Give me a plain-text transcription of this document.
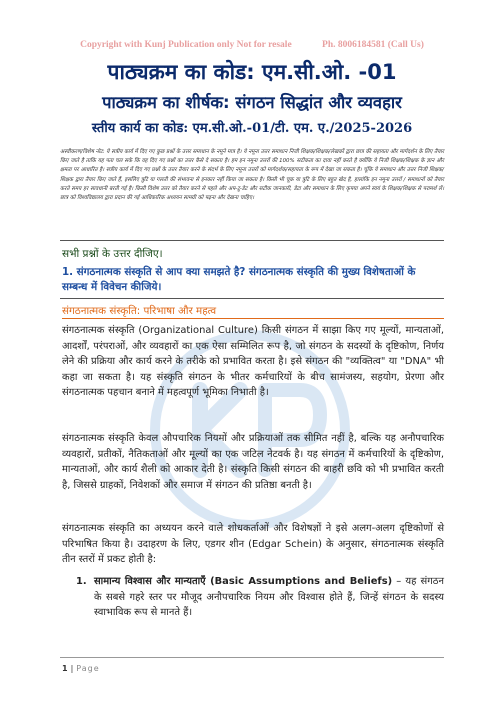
Copyright with Kunj Publication only Not for resale	Ph. 8006184581 (Call Us)
पाठ्यक्रम का कोड: एम.सी.ओ. -01
पाठ्यक्रम का शीर्षक: संगठन सिद्धांत और व्यवहार
स्तीय कार्य का कोड: एम.सी.ओ.-01/टी. एम. ए./2025-2026
अस्वीकरण/विशेष नोट: ये सत्रीय कार्य में दिए गए कुछ प्रश्नों के उत्तर समाधान के नमूने मात्र है। ये नमूना उत्तर समाधान निजी शिक्षक/शिक्षक/लेखकों द्वारा छात्र की सहायता और मार्गदर्शन के लिए तैयार किए जाते है ताकि यह पता चल सके कि वह दिए गए प्रश्नों का उत्तर कैसे दे सकता है। हम इन नमूना उत्तरों की 100% सटीकता का दावा नहीं करते है क्योंकि ये निजी शिक्षक/शिक्षक के ज्ञान और क्षमता पर आधारित है। सत्रीय कार्य में दिए गए प्रश्नों के उत्तर तैयार करने के संदर्भ के लिए नमूना उत्तरों को मार्गदर्शक/सहायता के रूप में देखा जा सकता है। चूंकि ये समाधान और उत्तर निजी शिक्षक/शिक्षक द्वारा तैयार किए जाते हैं, इसलिए त्रुटि या गलती की संभावना से इनकार नहीं किया जा सकता है। किसी भी चूक या त्रुटि के लिए बहुत खेद है, हालांकि इन नमूना उत्तरों / समाधानों को तैयार करते समय हर सावधानी बरती गई है। किसी विशेष उत्तर को तैयार करने से पहले और अप-टू-डेट और सटीक जानकारी, डेटा और समाधान के लिए कृपया अपने स्वयं के शिक्षक/शिक्षक से परामर्श लें। छात्र को विश्वविद्यालय द्वारा प्रदान की गई आधिकारिक अध्ययन सामग्री को पढ़ना और देखना चाहिए।
सभी प्रश्नों के उत्तर दीजिए।
1. संगठनात्मक संस्कृति से आप क्या समझते है? संगठनात्मक संस्कृति की मुख्य विशेषताओं के सम्बन्ध में विवेचन कीजिये।
संगठनात्मक संस्कृति: परिभाषा और महत्व
संगठनात्मक संस्कृति (Organizational Culture) किसी संगठन में साझा किए गए मूल्यों, मान्यताओं, आदर्शों, परंपराओं, और व्यवहारों का एक ऐसा सम्मिलित रूप है, जो संगठन के सदस्यों के दृष्टिकोण, निर्णय लेने की प्रक्रिया और कार्य करने के तरीके को प्रभावित करता है। इसे संगठन की "व्यक्तित्व" या "DNA" भी कहा जा सकता है। यह संस्कृति संगठन के भीतर कर्मचारियों के बीच सामंजस्य, सहयोग, प्रेरणा और संगठनात्मक पहचान बनाने में महत्वपूर्ण भूमिका निभाती है।
संगठनात्मक संस्कृति केवल औपचारिक नियमों और प्रक्रियाओं तक सीमित नहीं है, बल्कि यह अनौपचारिक व्यवहारों, प्रतीकों, नैतिकताओं और मूल्यों का एक जटिल नेटवर्क है। यह संगठन में कर्मचारियों के दृष्टिकोण, मान्यताओं, और कार्य शैली को आकार देती है। संस्कृति किसी संगठन की बाहरी छवि को भी प्रभावित करती है, जिससे ग्राहकों, निवेशकों और समाज में संगठन की प्रतिष्ठा बनती है।
संगठनात्मक संस्कृति का अध्ययन करने वाले शोधकर्ताओं और विशेषज्ञों ने इसे अलग-अलग दृष्टिकोणों से परिभाषित किया है। उदाहरण के लिए, एडगर शीन (Edgar Schein) के अनुसार, संगठनात्मक संस्कृति तीन स्तरों में प्रकट होती है:
1. सामान्य विश्वास और मान्यताएँ (Basic Assumptions and Beliefs) – यह संगठन के सबसे गहरे स्तर पर मौजूद अनौपचारिक नियम और विश्वास होते हैं, जिन्हें संगठन के सदस्य स्वाभाविक रूप से मानते हैं।
1 | Page
